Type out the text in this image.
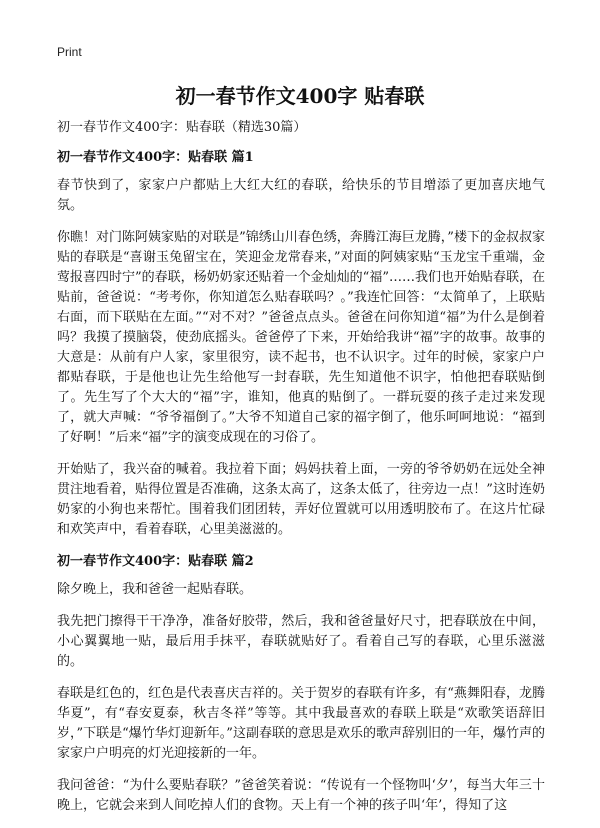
Print
初一春节作文400字 贴春联

初一春节作文400字：贴春联（精选30篇）

初一春节作文400字：贴春联 篇1

春节快到了，家家户户都贴上大红大红的春联，给快乐的节目增添了更加喜庆地气氛。

你瞧！对门陈阿姨家贴的对联是”锦绣山川春色绣，奔腾江海巨龙腾，”楼下的金叔叔家贴的春联是“喜谢玉兔留宝在，笑迎金龙常春来，”对面的阿姨家贴“玉龙宝千重端，金莺报喜四时宁”的春联，杨奶奶家还贴着一个金灿灿的“福”……我们也开始贴春联，在贴前，爸爸说：“考考你，你知道怎么贴春联吗？。”我连忙回答：“太简单了，上联贴右面，而下联贴在左面。”“对不对？”爸爸点点头。爸爸在问你知道“福”为什么是倒着吗？我摸了摸脑袋，使劲底摇头。爸爸停了下来，开始给我讲“福”字的故事。故事的大意是：从前有户人家，家里很穷，读不起书，也不认识字。过年的时候，家家户户都贴春联，于是他也让先生给他写一封春联，先生知道他不识字，怕他把春联贴倒了。先生写了个大大的“福”字，谁知，他真的贴倒了。一群玩耍的孩子走过来发现了，就大声喊：“爷爷福倒了。”大爷不知道自己家的福字倒了，他乐呵呵地说：“福到了好啊！”后来“福”字的演变成现在的习俗了。

开始贴了，我兴奋的喊着。我拉着下面；妈妈扶着上面，一旁的爷爷奶奶在远处全神贯注地看着，贴得位置是否准确，这条太高了，这条太低了，往旁边一点！”这时连奶奶家的小狗也来帮忙。围着我们团团转，弄好位置就可以用透明胶布了。在这片忙碌和欢笑声中，看着春联，心里美滋滋的。

初一春节作文400字：贴春联 篇2

除夕晚上，我和爸爸一起贴春联。

我先把门擦得干干净净，准备好胶带，然后，我和爸爸量好尺寸，把春联放在中间，小心翼翼地一贴，最后用手抹平，春联就贴好了。看着自己写的春联，心里乐滋滋的。

春联是红色的，红色是代表喜庆吉祥的。关于贺岁的春联有许多，有“燕舞阳春，龙腾华夏”，有“春安夏泰，秋吉冬祥”等等。其中我最喜欢的春联上联是“欢歌笑语辞旧岁，”下联是“爆竹华灯迎新年。”这副春联的意思是欢乐的歌声辞别旧的一年，爆竹声的家家户户明亮的灯光迎接新的一年。

我问爸爸：“为什么要贴春联？”爸爸笑着说：“传说有一个怪物叫‘夕’，每当大年三十晚上，它就会来到人间吃掉人们的食物。天上有一个神的孩子叫‘年’，得知了这
